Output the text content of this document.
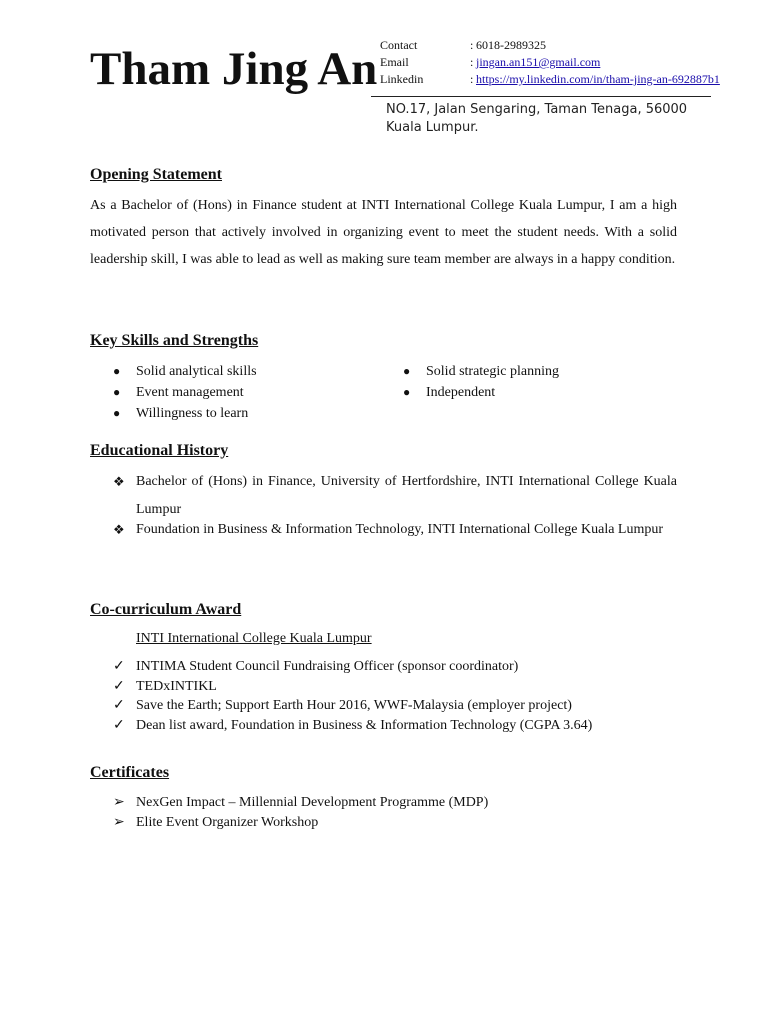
Tham Jing An Contact	: 6018-2989325
Email	: jingan.an151@gmail.com
Linkedin	: https://my.linkedin.com/in/tham-jing-an-692887b1
NO.17, Jalan Sengaring, Taman Tenaga, 56000 Kuala Lumpur.
Opening Statement
As a Bachelor of (Hons) in Finance student at INTI International College Kuala Lumpur, I am a high motivated person that actively involved in organizing event to meet the student needs. With a solid leadership skill, I was able to lead as well as making sure team member are always in a happy condition.
Key Skills and Strengths
●	Solid analytical skills
●	Event management
●	Willingness to learn
●	Solid strategic planning
●	Independent
Educational History
❖ Bachelor of (Hons) in Finance, University of Hertfordshire, INTI International College Kuala Lumpur
❖ Foundation in Business & Information Technology, INTI International College Kuala Lumpur
Co-curriculum Award
INTI International College Kuala Lumpur
✓ INTIMA Student Council Fundraising Officer (sponsor coordinator)
✓ TEDxINTIKL
✓ Save the Earth; Support Earth Hour 2016, WWF-Malaysia (employer project)
✓ Dean list award, Foundation in Business & Information Technology (CGPA 3.64)
Certificates
➢ NexGen Impact – Millennial Development Programme (MDP)
➢ Elite Event Organizer Workshop
